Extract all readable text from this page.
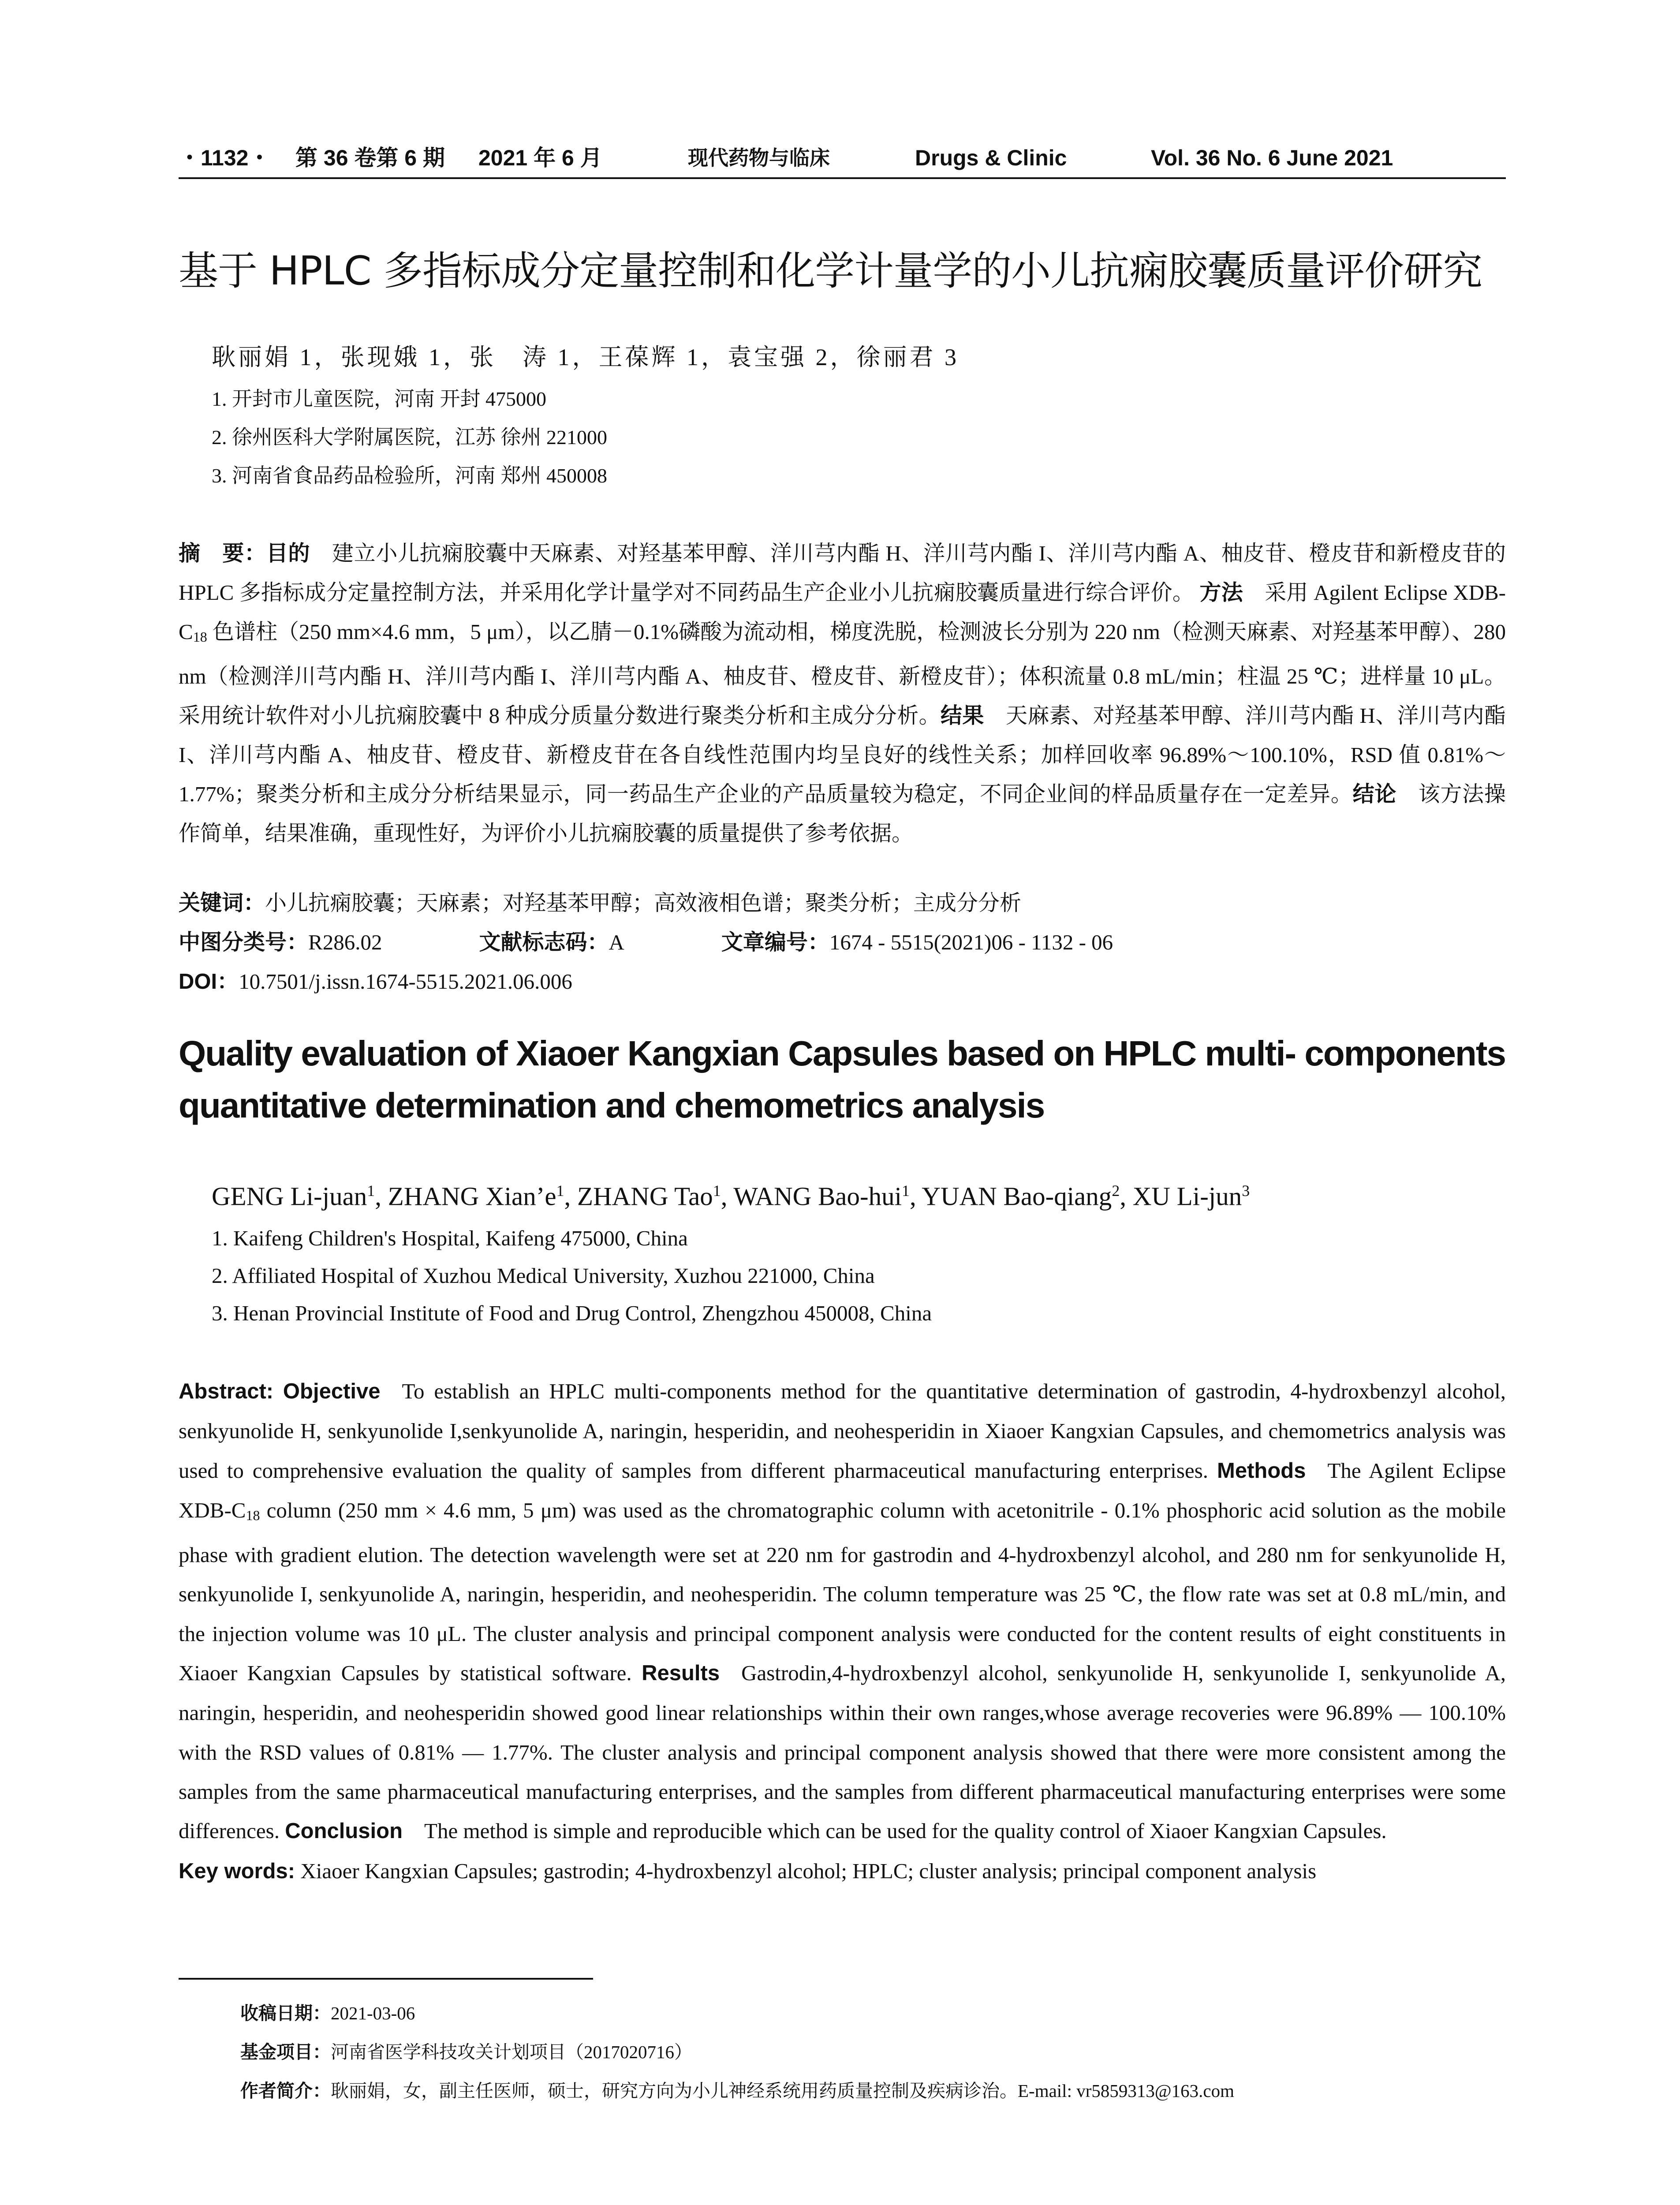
・1132・ 第 36 卷第 6 期 2021 年 6 月	现代药物与临床	Drugs & Clinic	Vol. 36 No. 6 June 2021
基于 HPLC 多指标成分定量控制和化学计量学的小儿抗痫胶囊质量评价研究
耿丽娟 1，张现娥 1，张　涛 1，王葆辉 1，袁宝强 2，徐丽君 3
1. 开封市儿童医院，河南 开封 475000
2. 徐州医科大学附属医院，江苏 徐州 221000
3. 河南省食品药品检验所，河南 郑州 450008
摘　要：目的　 建立小儿抗痫胶囊中天麻素、对羟基苯甲醇、洋川芎内酯 H、洋川芎内酯 I、洋川芎内酯 A、柚皮苷、橙皮苷和新橙皮苷的 HPLC 多指标成分定量控制方法，并采用化学计量学对不同药品生产企业小儿抗痫胶囊质量进行综合评价。 方法　 采用 Agilent Eclipse XDB-C18 色谱柱（250 mm×4.6 mm，5 μm），以乙腈－0.1%磷酸为流动相，梯度洗脱，检测波长分别为 220 nm（检测天麻素、对羟基苯甲醇）、280 nm（检测洋川芎内酯 H、洋川芎内酯 I、洋川芎内酯 A、柚皮苷、橙皮苷、新橙皮苷）；体积流量 0.8 mL/min；柱温 25 ℃；进样量 10 μL。采用统计软件对小儿抗痫胶囊中 8 种成分质量分数进行聚类分析和主成分分析。结果　 天麻素、对羟基苯甲醇、洋川芎内酯 H、洋川芎内酯 I、洋川芎内酯 A、柚皮苷、橙皮苷、新橙皮苷在各自线性范围内均呈良好的线性关系；加样回收率 96.89%～100.10%，RSD 值 0.81%～1.77%；聚类分析和主成分分析结果显示，同一药品生产企业的产品质量较为稳定，不同企业间的样品质量存在一定差异。结论　 该方法操作简单，结果准确，重现性好，为评价小儿抗痫胶囊的质量提供了参考依据。
关键词：小儿抗痫胶囊；天麻素；对羟基苯甲醇；高效液相色谱；聚类分析；主成分分析
中图分类号：R286.02	文献标志码：A	文章编号：1674 - 5515(2021)06 - 1132 - 06
DOI：10.7501/j.issn.1674-5515.2021.06.006
Quality evaluation of Xiaoer Kangxian Capsules based on HPLC multi- components quantitative determination and chemometrics analysis
GENG Li-juan$^1$, ZHANG $Xian’e^1$, ZHANG Tao$^1$, WANG Bao-hui$^1$, YUAN Bao-qiang$^2$, XU Li-jun$^3$
1. Kaifeng Children's Hospital, Kaifeng 475000, China
2. Affiliated Hospital of Xuzhou Medical University, Xuzhou 221000, China
3. Henan Provincial Institute of Food and Drug Control, Zhengzhou 450008, China
Abstract: Objective  To establish an HPLC multi-components method for the quantitative determination of gastrodin, 4-hydroxbenzyl alcohol, senkyunolide H, senkyunolide I,senkyunolide A, naringin, hesperidin, and neohesperidin in Xiaoer Kangxian Capsules, and chemometrics analysis was used to comprehensive evaluation the quality of samples from different pharmaceutical manufacturing enterprises. Methods  The Agilent Eclipse XDB-C18 column (250 mm × 4.6 mm, 5 μm) was used as the chromatographic column with acetonitrile - 0.1% phosphoric acid solution as the mobile phase with gradient elution. The detection wavelength were set at 220 nm for gastrodin and 4-hydroxbenzyl alcohol, and 280 nm for senkyunolide H, senkyunolide I, senkyunolide A, naringin, hesperidin, and neohesperidin. The column temperature was 25 ℃, the flow rate was set at 0.8 mL/min, and the injection volume was 10 μL. The cluster analysis and principal component analysis were conducted for the content results of eight constituents in Xiaoer Kangxian Capsules by statistical software. Results  Gastrodin,4-hydroxbenzyl alcohol, senkyunolide H, senkyunolide I, senkyunolide A, naringin, hesperidin, and neohesperidin showed good linear relationships within their own ranges,whose average recoveries were 96.89% — 100.10% with the RSD values of 0.81% — 1.77%. The cluster analysis and principal component analysis showed that there were more consistent among the samples from the same pharmaceutical manufacturing enterprises, and the samples from different pharmaceutical manufacturing enterprises were some differences. Conclusion  The method is simple and reproducible which can be used for the quality control of Xiaoer Kangxian Capsules.
Key words: Xiaoer Kangxian Capsules; gastrodin; 4-hydroxbenzyl alcohol; HPLC; cluster analysis; principal component analysis
收稿日期：2021-03-06
基金项目：河南省医学科技攻关计划项目（2017020716）
作者简介：耿丽娟，女，副主任医师，硕士，研究方向为小儿神经系统用药质量控制及疾病诊治。E-mail: vr5859313@163.com
